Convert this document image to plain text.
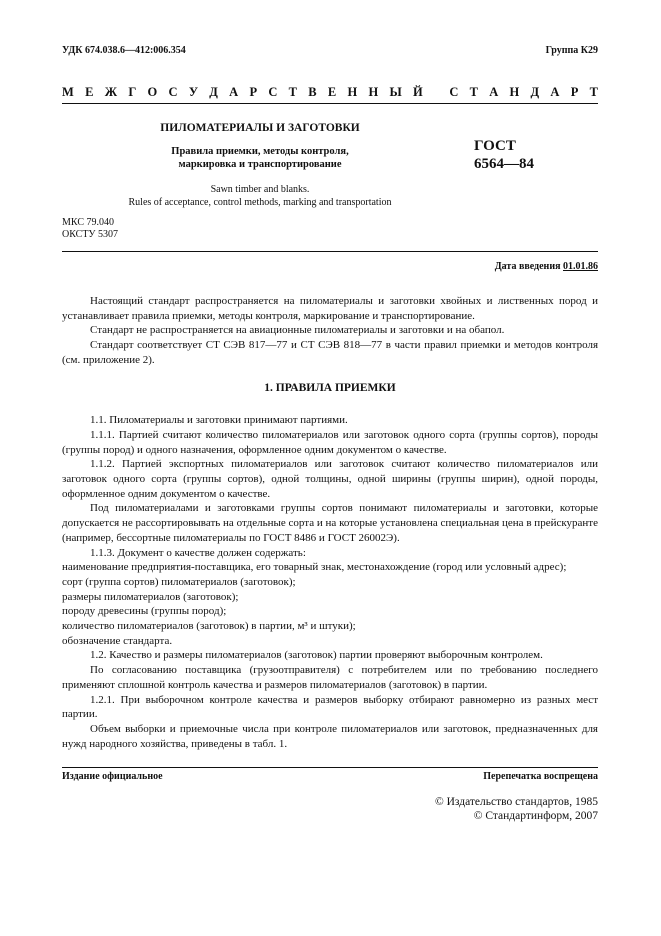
УДК 674.038.6—412:006.354	Группа К29
М Е Ж Г О С У Д А Р С Т В Е Н Н Ы Й С Т А Н Д А Р Т
ПИЛОМАТЕРИАЛЫ И ЗАГОТОВКИ
Правила приемки, методы контроля,
маркировка и транспортирование
ГОСТ
6564—84
Sawn timber and blanks.
Rules of acceptance, control methods, marking and transportation
МКС 79.040
ОКСТУ 5307
Дата введения 01.01.86

Настоящий стандарт распространяется на пиломатериалы и заготовки хвойных и лиственных пород и устанавливает правила приемки, методы контроля, маркирование и транспортирование.

Стандарт не распространяется на авиационные пиломатериалы и заготовки и на обапол.

Стандарт соответствует СТ СЭВ 817—77 и СТ СЭВ 818—77 в части правил приемки и методов контроля (см. приложение 2).

1. ПРАВИЛА ПРИЕМКИ

1.1. Пиломатериалы и заготовки принимают партиями.

1.1.1. Партией считают количество пиломатериалов или заготовок одного сорта (группы сортов), породы (группы пород) и одного назначения, оформленное одним документом о качестве.

1.1.2. Партией экспортных пиломатериалов или заготовок считают количество пиломатериалов или заготовок одного сорта (группы сортов), одной толщины, одной ширины (группы ширин), одной породы, оформленное одним документом о качестве.

Под пиломатериалами и заготовками группы сортов понимают пиломатериалы и заготовки, которые допускается не рассортировывать на отдельные сорта и на которые установлена специальная цена в прейскуранте (например, бессортные пиломатериалы по ГОСТ 8486 и ГОСТ 26002Э).

1.1.3. Документ о качестве должен содержать:

наименование предприятия-поставщика, его товарный знак, местонахождение (город или условный адрес);

сорт (группа сортов) пиломатериалов (заготовок);

размеры пиломатериалов (заготовок);

породу древесины (группы пород);

количество пиломатериалов (заготовок) в партии, м³ и штуки);

обозначение стандарта.

1.2. Качество и размеры пиломатериалов (заготовок) партии проверяют выборочным контролем.

По согласованию поставщика (грузоотправителя) с потребителем или по требованию последнего применяют сплошной контроль качества и размеров пиломатериалов (заготовок) в партии.

1.2.1. При выборочном контроле качества и размеров выборку отбирают равномерно из разных мест партии.

Объем выборки и приемочные числа при контроле пиломатериалов или заготовок, предназначенных для нужд народного хозяйства, приведены в табл. 1.

Издание официальное	Перепечатка воспрещена
© Издательство стандартов, 1985
© Стандартинформ, 2007
